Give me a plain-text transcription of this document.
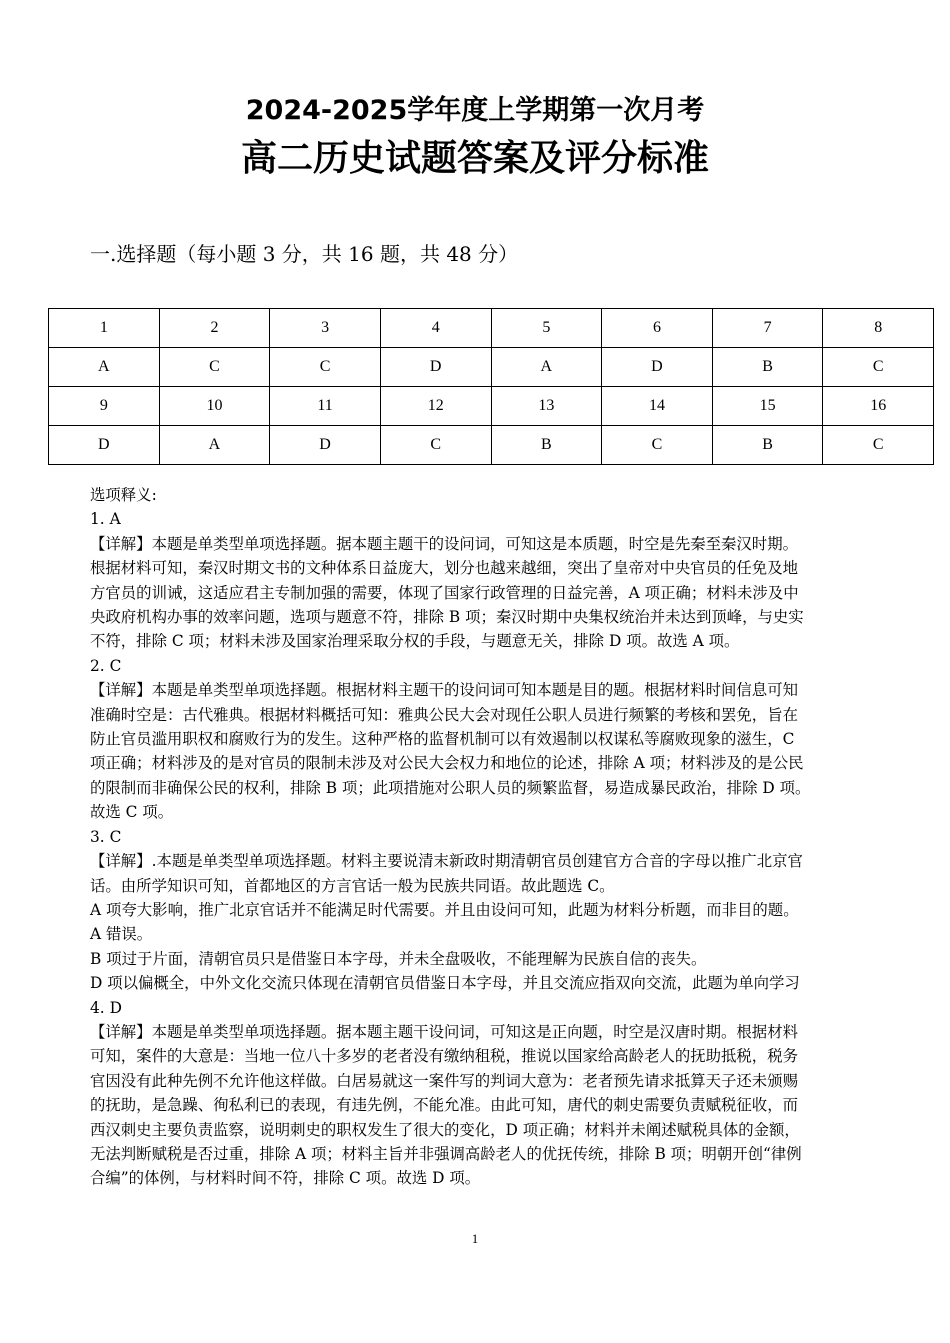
2024-2025学年度上学期第一次月考
高二历史试题答案及评分标准
一.选择题（每小题 3 分，共 16 题，共 48 分）
1	2	3	4	5	6	7	8
A	C	C	D	A	D	B	C
9	10	11	12	13	14	15	16
D	A	D	C	B	C	B	C

选项释义:

1. A

【详解】本题是单类型单项选择题。据本题主题干的设问词，可知这是本质题，时空是先秦至秦汉时期。

根据材料可知，秦汉时期文书的文种体系日益庞大，划分也越来越细，突出了皇帝对中央官员的任免及地

方官员的训诫，这适应君主专制加强的需要，体现了国家行政管理的日益完善，A 项正确；材料未涉及中

央政府机构办事的效率问题，选项与题意不符，排除 B 项；秦汉时期中央集权统治并未达到顶峰，与史实

不符，排除 C 项；材料未涉及国家治理采取分权的手段，与题意无关，排除 D 项。故选 A 项。

2. C

【详解】本题是单类型单项选择题。根据材料主题干的设问词可知本题是目的题。根据材料时间信息可知

准确时空是：古代雅典。根据材料概括可知：雅典公民大会对现任公职人员进行频繁的考核和罢免，旨在

防止官员滥用职权和腐败行为的发生。这种严格的监督机制可以有效遏制以权谋私等腐败现象的滋生，C

项正确；材料涉及的是对官员的限制未涉及对公民大会权力和地位的论述，排除 A 项；材料涉及的是公民

的限制而非确保公民的权利，排除 B 项；此项措施对公职人员的频繁监督，易造成暴民政治，排除 D 项。

故选 C 项。

3. C

【详解】.本题是单类型单项选择题。材料主要说清末新政时期清朝官员创建官方合音的字母以推广北京官

话。由所学知识可知，首都地区的方言官话一般为民族共同语。故此题选 C。

A 项夸大影响，推广北京官话并不能满足时代需要。并且由设问可知，此题为材料分析题，而非目的题。

A 错误。

B 项过于片面，清朝官员只是借鉴日本字母，并未全盘吸收，不能理解为民族自信的丧失。

D 项以偏概全，中外文化交流只体现在清朝官员借鉴日本字母，并且交流应指双向交流，此题为单向学习

4. D

【详解】本题是单类型单项选择题。据本题主题干设问词，可知这是正向题，时空是汉唐时期。根据材料

可知，案件的大意是：当地一位八十多岁的老者没有缴纳租税，推说以国家给高龄老人的抚助抵税，税务

官因没有此种先例不允许他这样做。白居易就这一案件写的判词大意为：老者预先请求抵算天子还未颁赐

的抚助，是急躁、徇私利已的表现，有违先例，不能允准。由此可知，唐代的刺史需要负责赋税征收，而

西汉刺史主要负责监察，说明刺史的职权发生了很大的变化，D 项正确；材料并未阐述赋税具体的金额，

无法判断赋税是否过重，排除 A 项；材料主旨并非强调高龄老人的优抚传统，排除 B 项；明朝开创“律例

合编”的体例，与材料时间不符，排除 C 项。故选 D 项。

1
